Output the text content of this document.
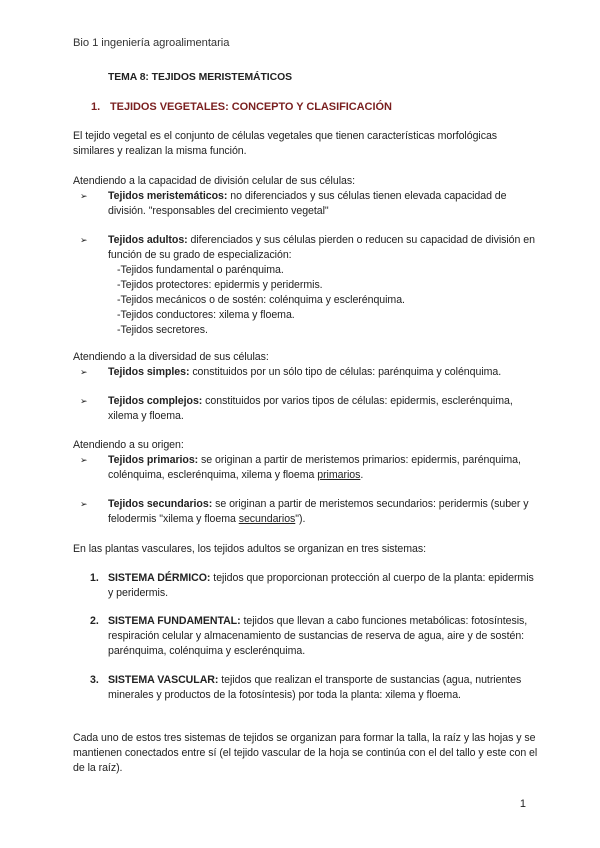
Bio 1 ingeniería agroalimentaria
TEMA 8: TEJIDOS MERISTEMÁTICOS
1. TEJIDOS VEGETALES: CONCEPTO Y CLASIFICACIÓN

El tejido vegetal es el conjunto de células vegetales que tienen características morfológicas similares y realizan la misma función.

Atendiendo a la capacidad de división celular de sus células:

➢ Tejidos meristemáticos: no diferenciados y sus células tienen elevada capacidad de división. "responsables del crecimiento vegetal"
➢ Tejidos adultos: diferenciados y sus células pierden o reducen su capacidad de división en función de su grado de especialización:
-Tejidos fundamental o parénquima.
-Tejidos protectores: epidermis y peridermis.
-Tejidos mecánicos o de sostén: colénquima y esclerénquima.
-Tejidos conductores: xilema y floema.
-Tejidos secretores.

Atendiendo a la diversidad de sus células:

➢ Tejidos simples: constituidos por un sólo tipo de células: parénquima y colénquima.
➢ Tejidos complejos: constituidos por varios tipos de células: epidermis, esclerénquima, xilema y floema.

Atendiendo a su origen:

➢ Tejidos primarios: se originan a partir de meristemos primarios: epidermis, parénquima, colénquima, esclerénquima, xilema y floema primarios.
➢ Tejidos secundarios: se originan a partir de meristemos secundarios: peridermis (suber y felodermis "xilema y floema secundarios").

En las plantas vasculares, los tejidos adultos se organizan en tres sistemas:

1. SISTEMA DÉRMICO: tejidos que proporcionan protección al cuerpo de la planta: epidermis y peridermis.
2. SISTEMA FUNDAMENTAL: tejidos que llevan a cabo funciones metabólicas: fotosíntesis, respiración celular y almacenamiento de sustancias de reserva de agua, aire y de sostén: parénquima, colénquima y esclerénquima.
3. SISTEMA VASCULAR: tejidos que realizan el transporte de sustancias (agua, nutrientes minerales y productos de la fotosíntesis) por toda la planta: xilema y floema.

Cada uno de estos tres sistemas de tejidos se organizan para formar la talla, la raíz y las hojas y se mantienen conectados entre sí (el tejido vascular de la hoja se continúa con el del tallo y este con el de la raíz).

1
